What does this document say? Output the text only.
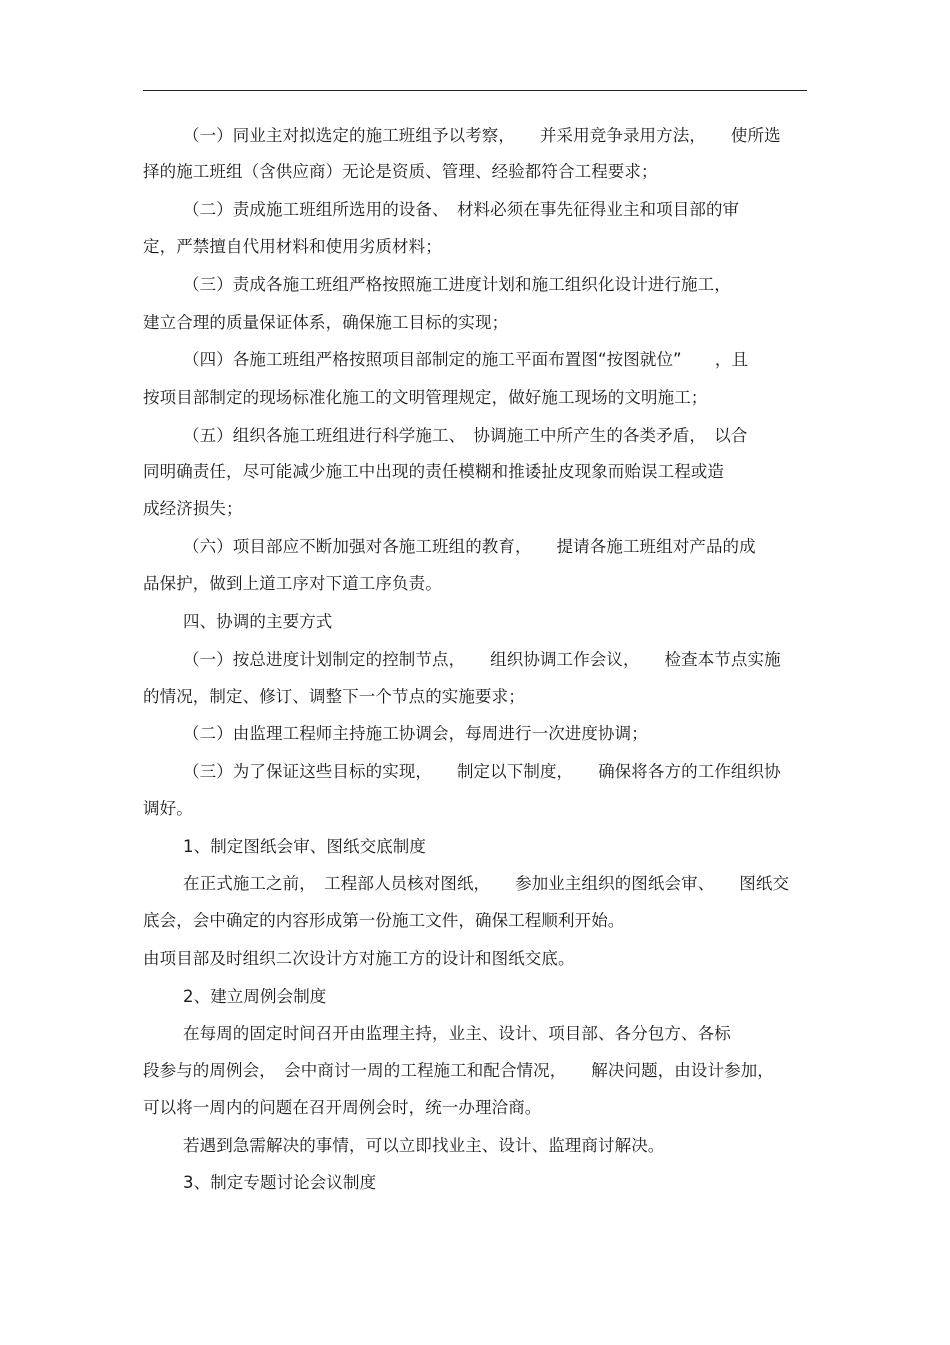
（一）同业主对拟选定的施工班组予以考察，　　并采用竞争录用方法，　　使所选
择的施工班组（含供应商）无论是资质、管理、经验都符合工程要求；
（二）责成施工班组所选用的设备、　材料必须在事先征得业主和项目部的审
定，严禁擅自代用材料和使用劣质材料；
（三）责成各施工班组严格按照施工进度计划和施工组织化设计进行施工，
建立合理的质量保证体系，确保施工目标的实现；
（四）各施工班组严格按照项目部制定的施工平面布置图“按图就位”　　，且
按项目部制定的现场标准化施工的文明管理规定，做好施工现场的文明施工；
（五）组织各施工班组进行科学施工、　协调施工中所产生的各类矛盾，　以合
同明确责任，尽可能减少施工中出现的责任模糊和推诿扯皮现象而贻误工程或造
成经济损失；
（六）项目部应不断加强对各施工班组的教育，　　提请各施工班组对产品的成
品保护，做到上道工序对下道工序负责。
四、协调的主要方式
（一）按总进度计划制定的控制节点，　　组织协调工作会议，　　检查本节点实施
的情况，制定、修订、调整下一个节点的实施要求；
（二）由监理工程师主持施工协调会，每周进行一次进度协调；
（三）为了保证这些目标的实现，　　制定以下制度，　　确保将各方的工作组织协
调好。
1、制定图纸会审、图纸交底制度
在正式施工之前，　工程部人员核对图纸，　　参加业主组织的图纸会审、　　图纸交
底会，会中确定的内容形成第一份施工文件，确保工程顺利开始。
由项目部及时组织二次设计方对施工方的设计和图纸交底。
2、建立周例会制度
在每周的固定时间召开由监理主持，业主、设计、项目部、各分包方、各标
段参与的周例会，　会中商讨一周的工程施工和配合情况，　　解决问题，由设计参加，
可以将一周内的问题在召开周例会时，统一办理洽商。
若遇到急需解决的事情，可以立即找业主、设计、监理商讨解决。
3、制定专题讨论会议制度
